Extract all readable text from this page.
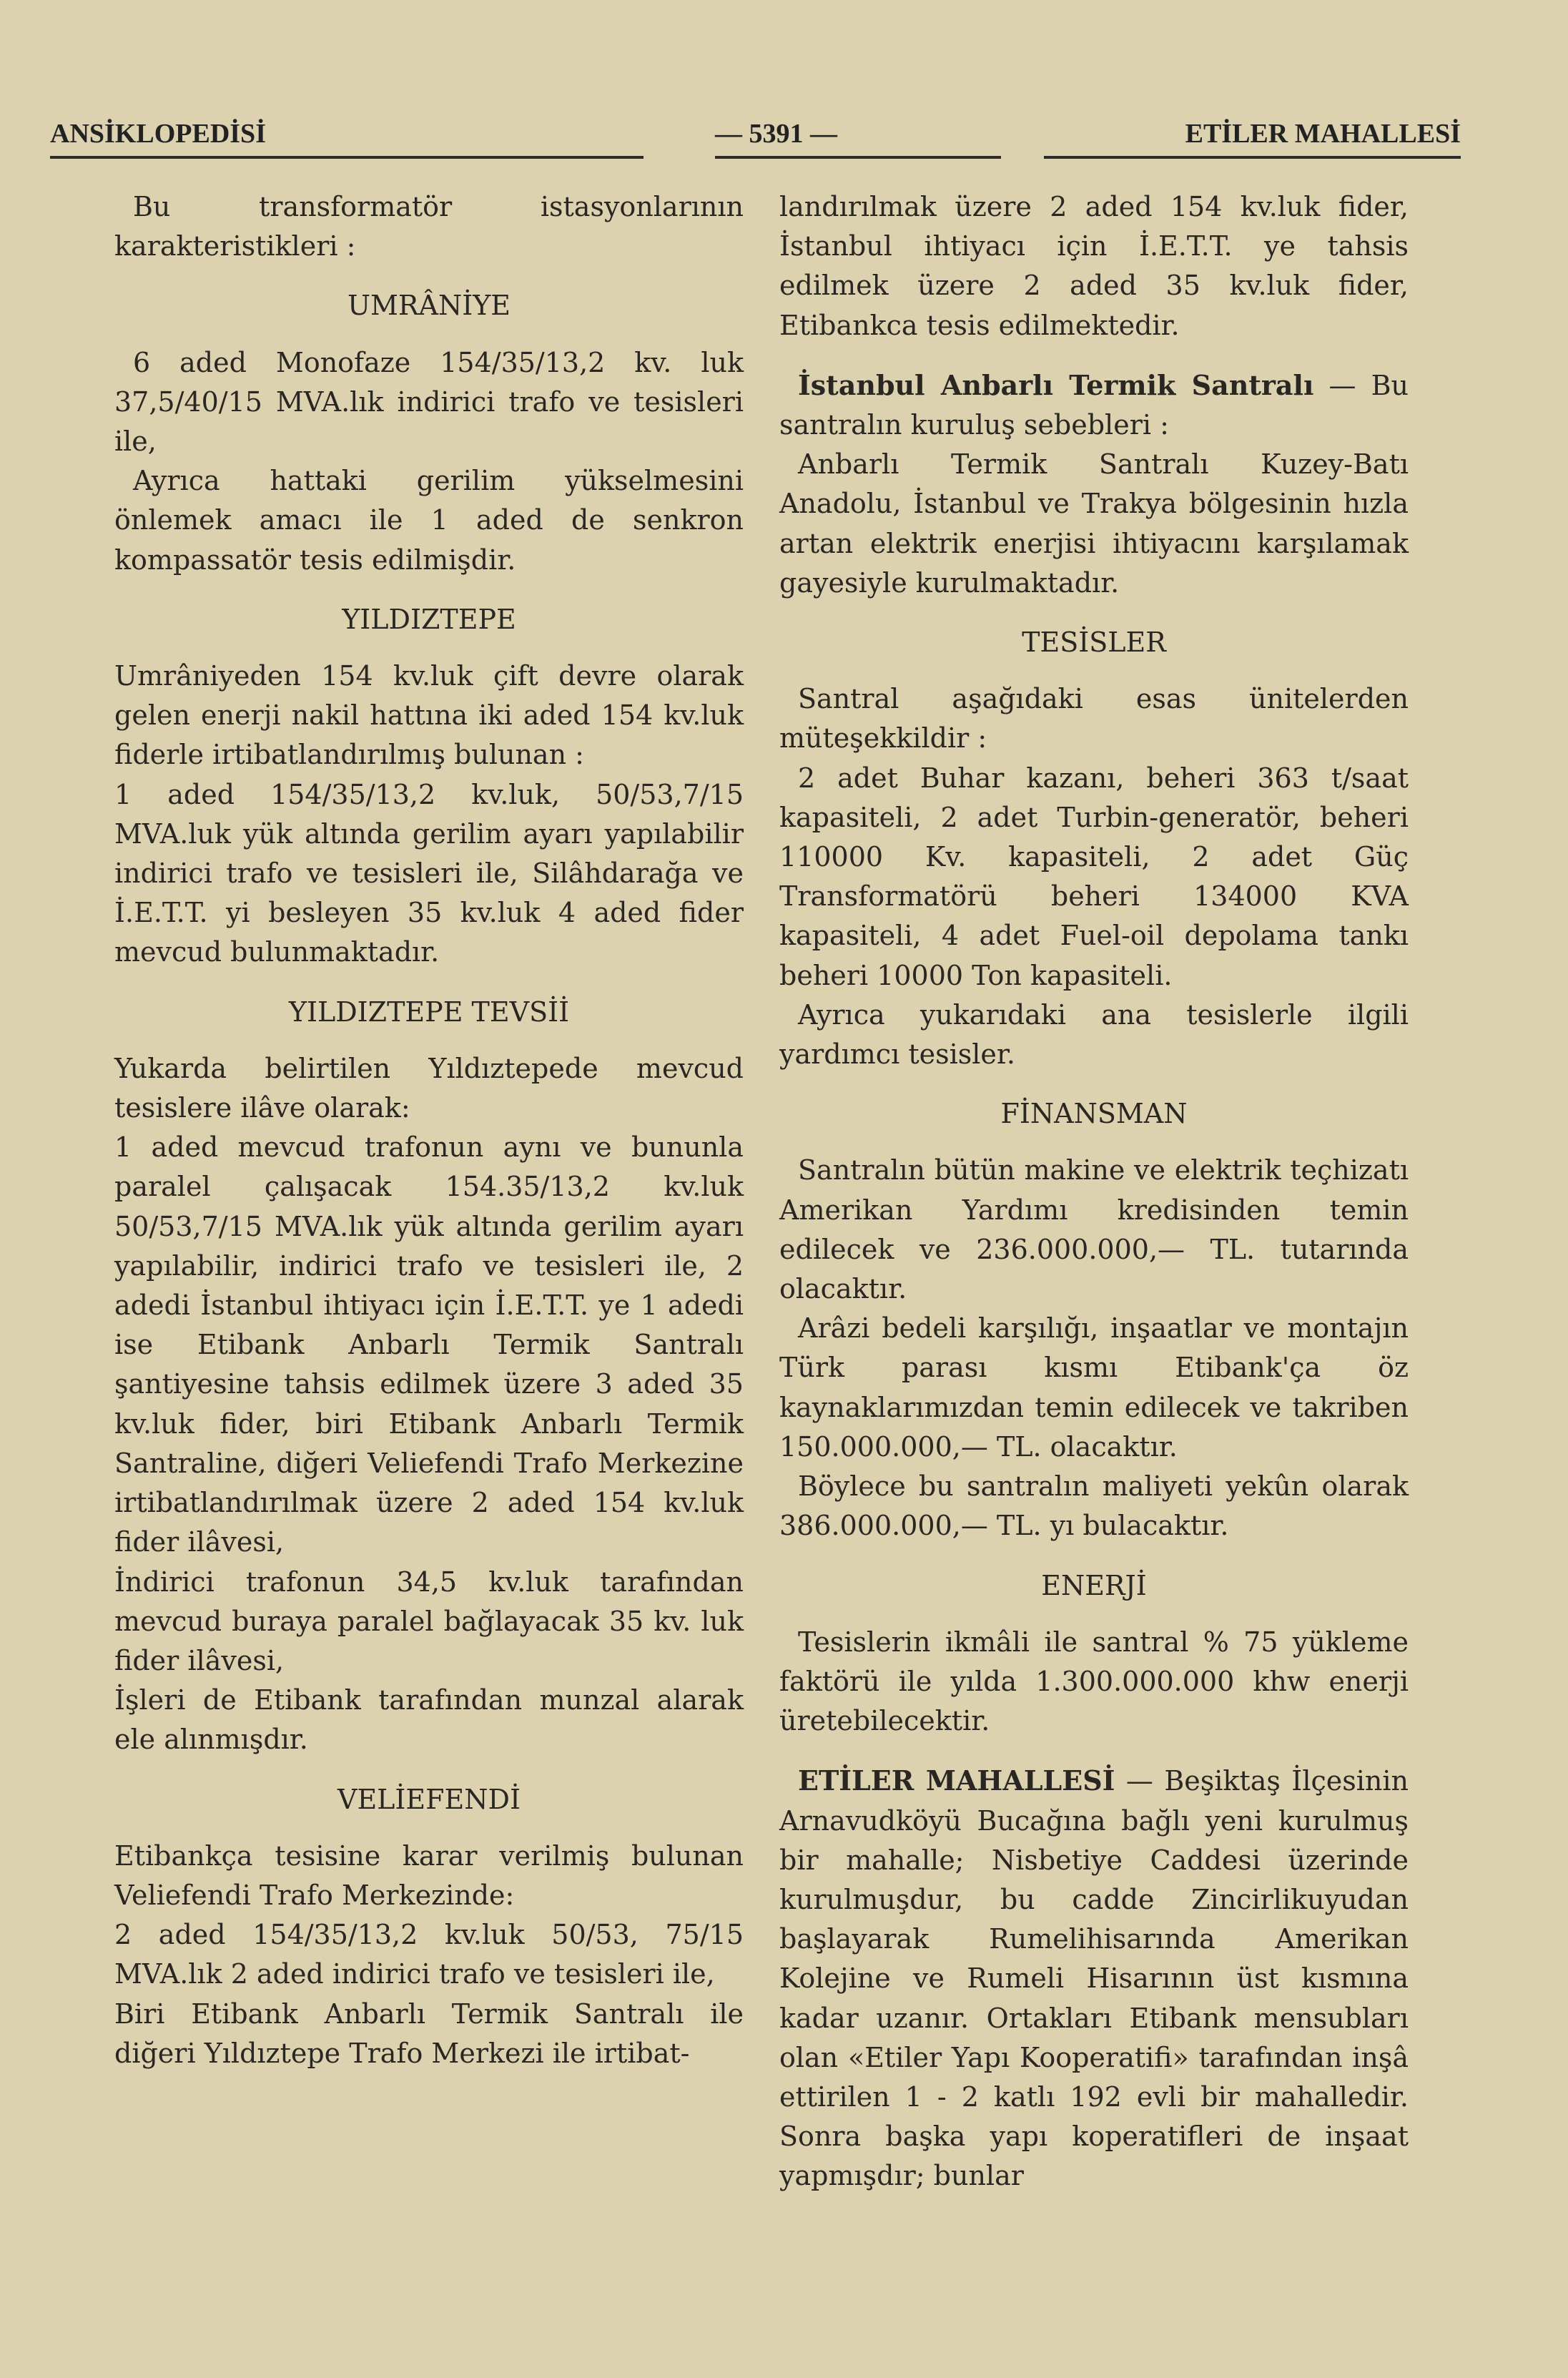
ANSİKLOPEDİSİ	— 5391 —	ETİLER MAHALLESİ

Bu transformatör istasyonlarının karakteristikleri :

UMRÂNİYE

6 aded Monofaze 154/35/13,2 kv. luk 37,5/40/15 MVA.lık indirici trafo ve tesisleri ile,

Ayrıca hattaki gerilim yükselmesini önlemek amacı ile 1 aded de senkron kompassatör tesis edilmişdir.

YILDIZTEPE

Umrâniyeden 154 kv.luk çift devre olarak gelen enerji nakil hattına iki aded 154 kv.luk fiderle irtibatlandırılmış bulunan :

1 aded 154/35/13,2 kv.luk, 50/53,7/15 MVA.luk yük altında gerilim ayarı yapılabilir indirici trafo ve tesisleri ile, Silâhdarağa ve İ.E.T.T. yi besleyen 35 kv.luk 4 aded fider mevcud bulunmaktadır.

YILDIZTEPE TEVSİİ

Yukarda belirtilen Yıldıztepede mevcud tesislere ilâve olarak:

1 aded mevcud trafonun aynı ve bununla paralel çalışacak 154.35/13,2 kv.luk 50/53,7/15 MVA.lık yük altında gerilim ayarı yapılabilir, indirici trafo ve tesisleri ile, 2 adedi İstanbul ihtiyacı için İ.E.T.T. ye 1 adedi ise Etibank Anbarlı Termik Santralı şantiyesine tahsis edilmek üzere 3 aded 35 kv.luk fider, biri Etibank Anbarlı Termik Santraline, diğeri Veliefendi Trafo Merkezine irtibatlandırılmak üzere 2 aded 154 kv.luk fider ilâvesi,

İndirici trafonun 34,5 kv.luk tarafından mevcud buraya paralel bağlayacak 35 kv. luk fider ilâvesi,

İşleri de Etibank tarafından munzal alarak ele alınmışdır.

VELİEFENDİ

Etibankça tesisine karar verilmiş bulunan Veliefendi Trafo Merkezinde:

2 aded 154/35/13,2 kv.luk 50/53, 75/15 MVA.lık 2 aded indirici trafo ve tesisleri ile,

Biri Etibank Anbarlı Termik Santralı ile diğeri Yıldıztepe Trafo Merkezi ile irtibat-

landırılmak üzere 2 aded 154 kv.luk fider, İstanbul ihtiyacı için İ.E.T.T. ye tahsis edilmek üzere 2 aded 35 kv.luk fider, Etibankca tesis edilmektedir.

İstanbul Anbarlı Termik Santralı — Bu santralın kuruluş sebebleri :

Anbarlı Termik Santralı Kuzey-Batı Anadolu, İstanbul ve Trakya bölgesinin hızla artan elektrik enerjisi ihtiyacını karşılamak gayesiyle kurulmaktadır.

TESİSLER

Santral aşağıdaki esas ünitelerden müteşekkildir :

2 adet Buhar kazanı, beheri 363 t/saat kapasiteli, 2 adet Turbin-generatör, beheri 110000 Kv. kapasiteli, 2 adet Güç Transformatörü beheri 134000 KVA kapasiteli, 4 adet Fuel-oil depolama tankı beheri 10000 Ton kapasiteli.

Ayrıca yukarıdaki ana tesislerle ilgili yardımcı tesisler.

FİNANSMAN

Santralın bütün makine ve elektrik teçhizatı Amerikan Yardımı kredisinden temin edilecek ve 236.000.000,— TL. tutarında olacaktır.

Arâzi bedeli karşılığı, inşaatlar ve montajın Türk parası kısmı Etibank'ça öz kaynaklarımızdan temin edilecek ve takriben 150.000.000,— TL. olacaktır.

Böylece bu santralın maliyeti yekûn olarak 386.000.000,— TL. yı bulacaktır.

ENERJİ

Tesislerin ikmâli ile santral % 75 yükleme faktörü ile yılda 1.300.000.000 khw enerji üretebilecektir.

ETİLER MAHALLESİ — Beşiktaş İlçesinin Arnavudköyü Bucağına bağlı yeni kurulmuş bir mahalle; Nisbetiye Caddesi üzerinde kurulmuşdur, bu cadde Zincirlikuyudan başlayarak Rumelihisarında Amerikan Kolejine ve Rumeli Hisarının üst kısmına kadar uzanır. Ortakları Etibank mensubları olan «Etiler Yapı Kooperatifi» tarafından inşâ ettirilen 1 - 2 katlı 192 evli bir mahalledir. Sonra başka yapı koperatifleri de inşaat yapmışdır; bunlar
